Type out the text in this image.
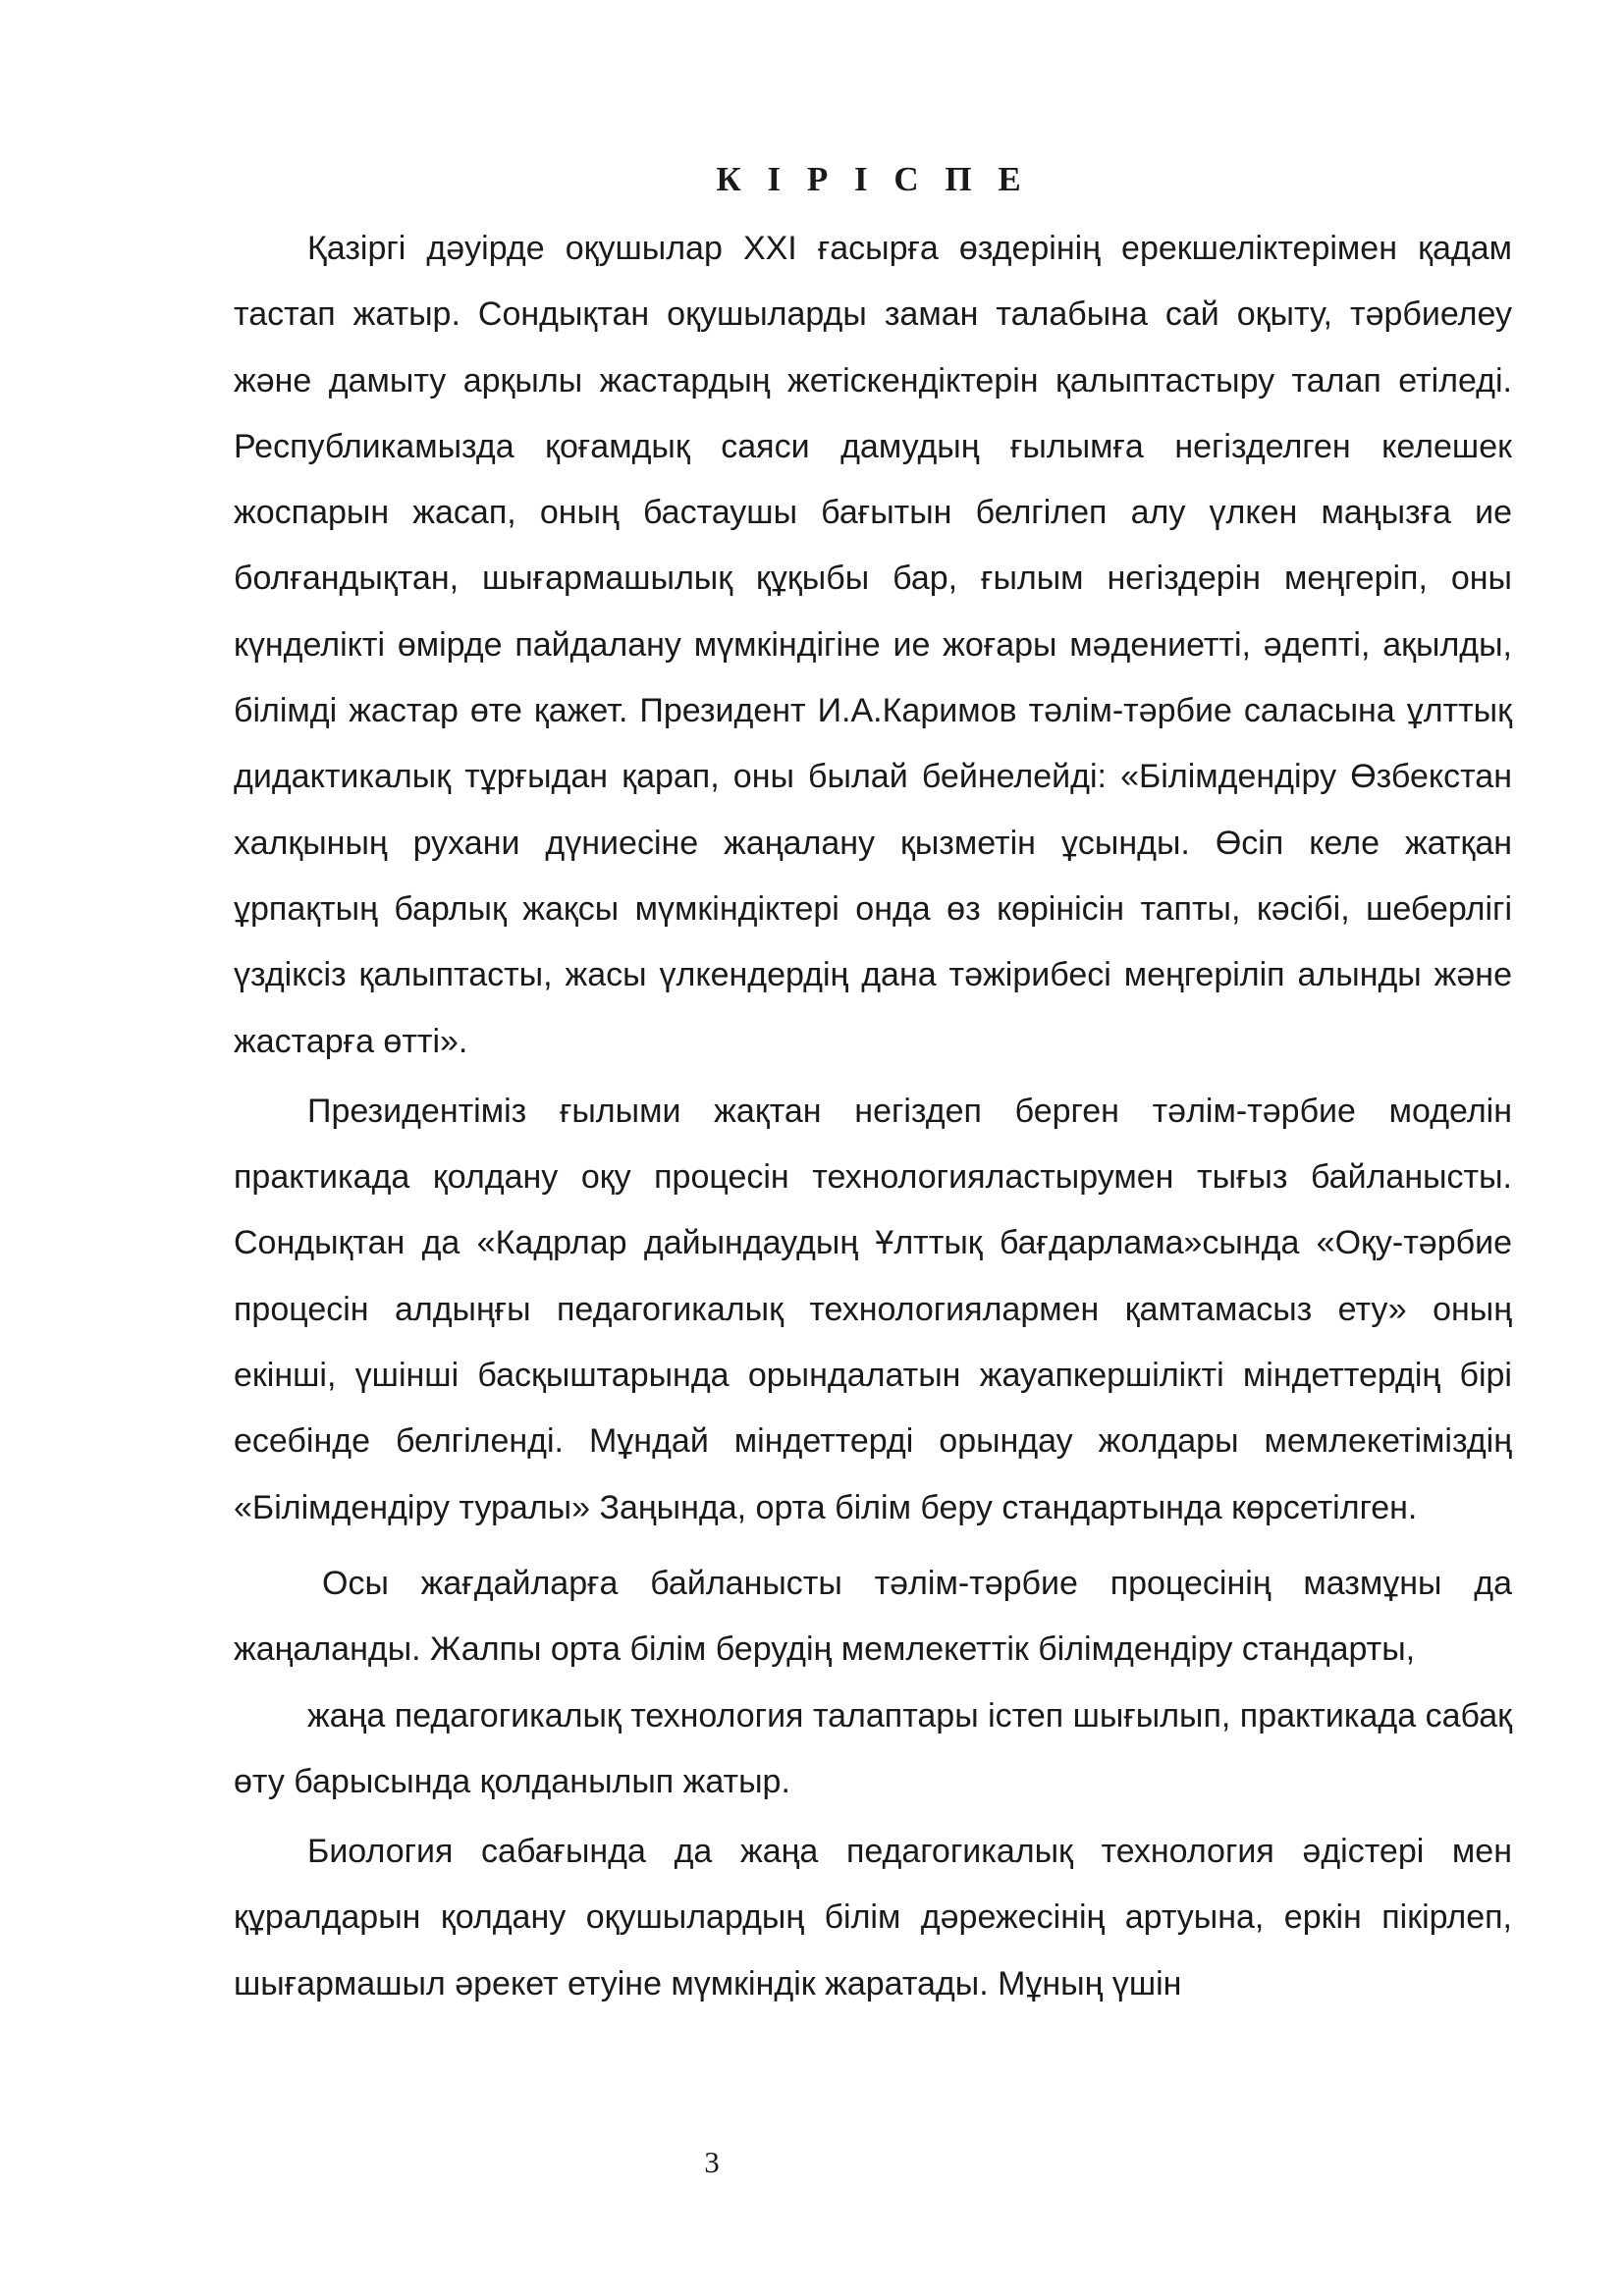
К І Р І С П Е

Қазіргі дәуірде оқушылар XXI ғасырға өздерінің ерекшеліктерімен қадам тастап жатыр. Сондықтан оқушыларды заман талабына сай оқыту, тәрбиелеу және дамыту арқылы жастардың жетіскендіктерін қалыптастыру талап етіледі. Республикамызда қоғамдық саяси дамудың ғылымға негізделген келешек жоспарын жасап, оның бастаушы бағытын белгілеп алу үлкен маңызға ие болғандықтан, шығармашылық құқыбы бар, ғылым негіздерін меңгеріп, оны күнделікті өмірде пайдалану мүмкіндігіне ие жоғары мәдениетті, әдепті, ақылды, білімді жастар өте қажет. Президент И.А.Каримов тәлім-тәрбие саласына ұлттық дидактикалық тұрғыдан қарап, оны былай бейнелейді: «Білімдендіру Өзбекстан халқының рухани дүниесіне жаңалану қызметін ұсынды. Өсіп келе жатқан ұрпақтың барлық жақсы мүмкіндіктері онда өз көрінісін тапты, кәсібі, шеберлігі үздіксіз қалыптасты, жасы үлкендердің дана тәжірибесі меңгеріліп алынды және жастарға өтті».

Президентіміз ғылыми жақтан негіздеп берген тәлім-тәрбие моделін практикада қолдану оқу процесін технологияластырумен тығыз байланысты. Сондықтан да «Кадрлар дайындаудың Ұлттық бағдарлама»сында «Оқу-тәрбие процесін алдыңғы педагогикалық технологиялармен қамтамасыз ету» оның екінші, үшінші басқыштарында орындалатын жауапкершілікті міндеттердің бірі есебінде белгіленді. Мұндай міндеттерді орындау жолдары мемлекетіміздің «Білімдендіру туралы» Заңында, орта білім беру стандартында көрсетілген.

Осы жағдайларға байланысты тәлім-тәрбие процесінің мазмұны да жаңаланды. Жалпы орта білім берудің мемлекеттік білімдендіру стандарты,

жаңа педагогикалық технология талаптары істеп шығылып, практикада сабақ өту барысында қолданылып жатыр.

Биология сабағында да жаңа педагогикалық технология әдістері мен құралдарын қолдану оқушылардың білім дәрежесінің артуына, еркін пікірлеп, шығармашыл әрекет етуіне мүмкіндік жаратады. Мұның үшін

3
